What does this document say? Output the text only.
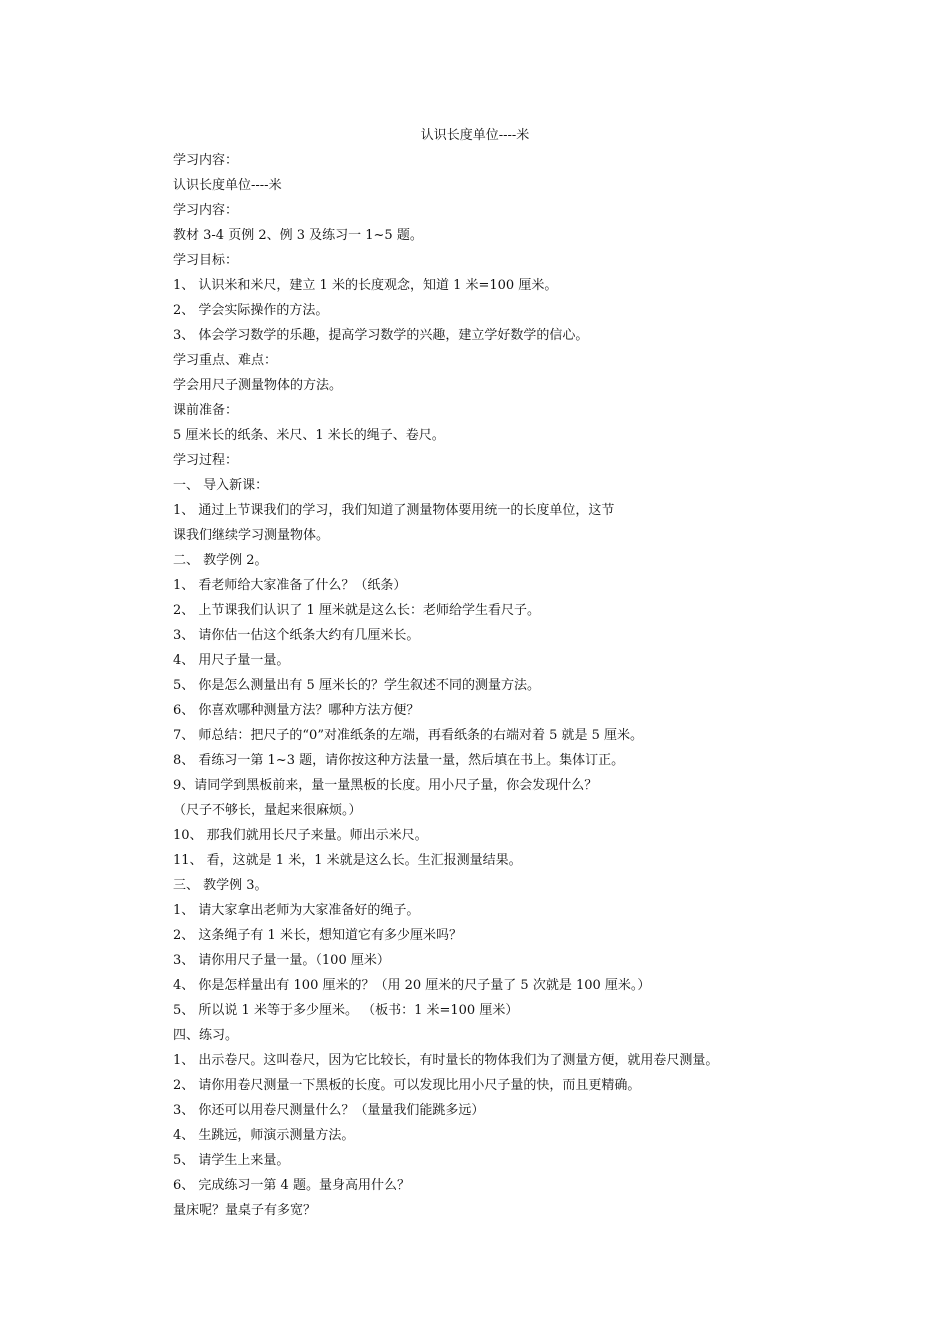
认识长度单位----米
学习内容：
认识长度单位----米
学习内容：
教材 3-4 页例 2、例 3 及练习一 1~5 题。
学习目标：
1、 认识米和米尺，建立 1 米的长度观念，知道 1 米=100 厘米。
2、 学会实际操作的方法。
3、 体会学习数学的乐趣，提高学习数学的兴趣，建立学好数学的信心。
学习重点、难点：
学会用尺子测量物体的方法。
课前准备：
5 厘米长的纸条、米尺、1 米长的绳子、卷尺。
学习过程：
一、 导入新课：
1、 通过上节课我们的学习，我们知道了测量物体要用统一的长度单位，这节
课我们继续学习测量物体。
二、 教学例 2。
1、 看老师给大家准备了什么？（纸条）
2、 上节课我们认识了 1 厘米就是这么长：老师给学生看尺子。
3、 请你估一估这个纸条大约有几厘米长。
4、 用尺子量一量。
5、 你是怎么测量出有 5 厘米长的？学生叙述不同的测量方法。
6、 你喜欢哪种测量方法？哪种方法方便？
7、 师总结：把尺子的“0”对准纸条的左端，再看纸条的右端对着 5 就是 5 厘米。
8、 看练习一第 1~3 题，请你按这种方法量一量，然后填在书上。集体订正。
9、请同学到黑板前来，量一量黑板的长度。用小尺子量，你会发现什么？
（尺子不够长，量起来很麻烦。）
10、 那我们就用长尺子来量。师出示米尺。
11、 看，这就是 1 米，1 米就是这么长。生汇报测量结果。
三、 教学例 3。
1、 请大家拿出老师为大家准备好的绳子。
2、 这条绳子有 1 米长，想知道它有多少厘米吗？
3、 请你用尺子量一量。（100 厘米）
4、 你是怎样量出有 100 厘米的？（用 20 厘米的尺子量了 5 次就是 100 厘米。）
5、 所以说 1 米等于多少厘米。 （板书：1 米=100 厘米）
四、练习。
1、 出示卷尺。这叫卷尺，因为它比较长，有时量长的物体我们为了测量方便，就用卷尺测量。
2、 请你用卷尺测量一下黑板的长度。可以发现比用小尺子量的快，而且更精确。
3、 你还可以用卷尺测量什么？（量量我们能跳多远）
4、 生跳远，师演示测量方法。
5、 请学生上来量。
6、 完成练习一第 4 题。量身高用什么？
量床呢？量桌子有多宽？
